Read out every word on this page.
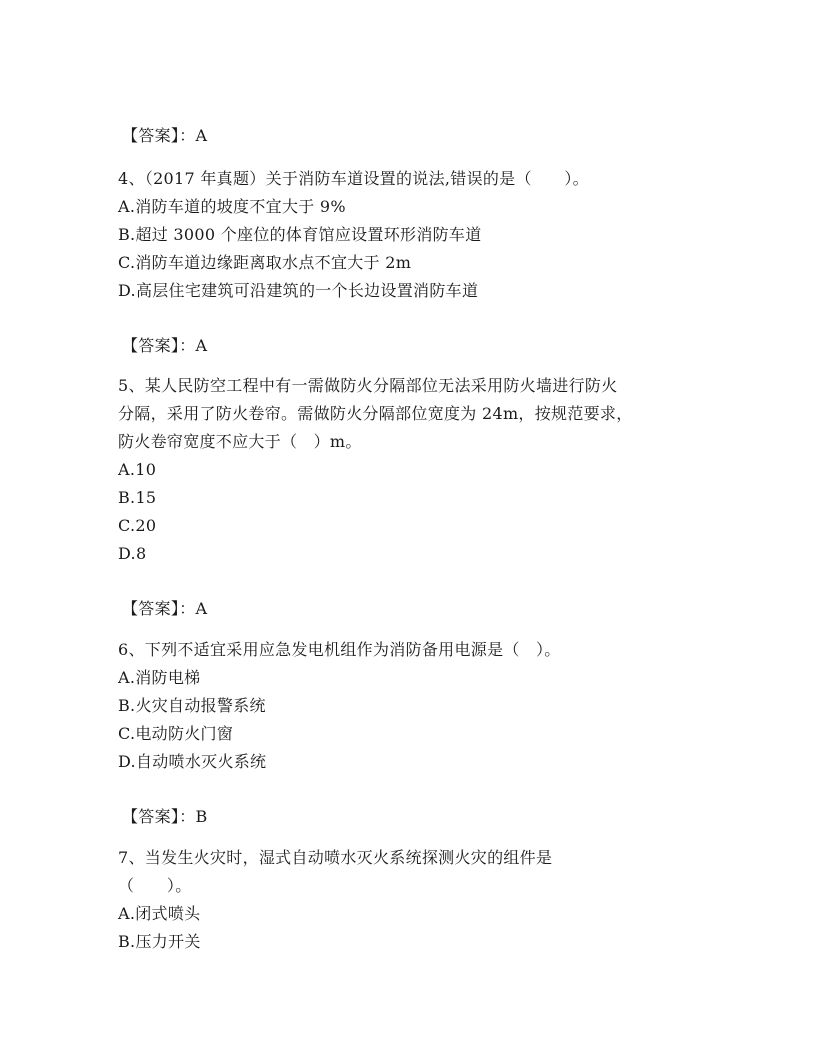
【答案】：A
4、（2017 年真题）关于消防车道设置的说法,错误的是（　　）。
A.消防车道的坡度不宜大于 9%
B.超过 3000 个座位的体育馆应设置环形消防车道
C.消防车道边缘距离取水点不宜大于 2m
D.高层住宅建筑可沿建筑的一个长边设置消防车道
【答案】：A
5、某人民防空工程中有一需做防火分隔部位无法采用防火墙进行防火
分隔，采用了防火卷帘。需做防火分隔部位宽度为 24m，按规范要求，
防火卷帘宽度不应大于（　）m。
A.10
B.15
C.20
D.8
【答案】：A
6、下列不适宜采用应急发电机组作为消防备用电源是（　）。
A.消防电梯
B.火灾自动报警系统
C.电动防火门窗
D.自动喷水灭火系统
【答案】：B
7、当发生火灾时，湿式自动喷水灭火系统探测火灾的组件是
（　　）。
A.闭式喷头
B.压力开关
